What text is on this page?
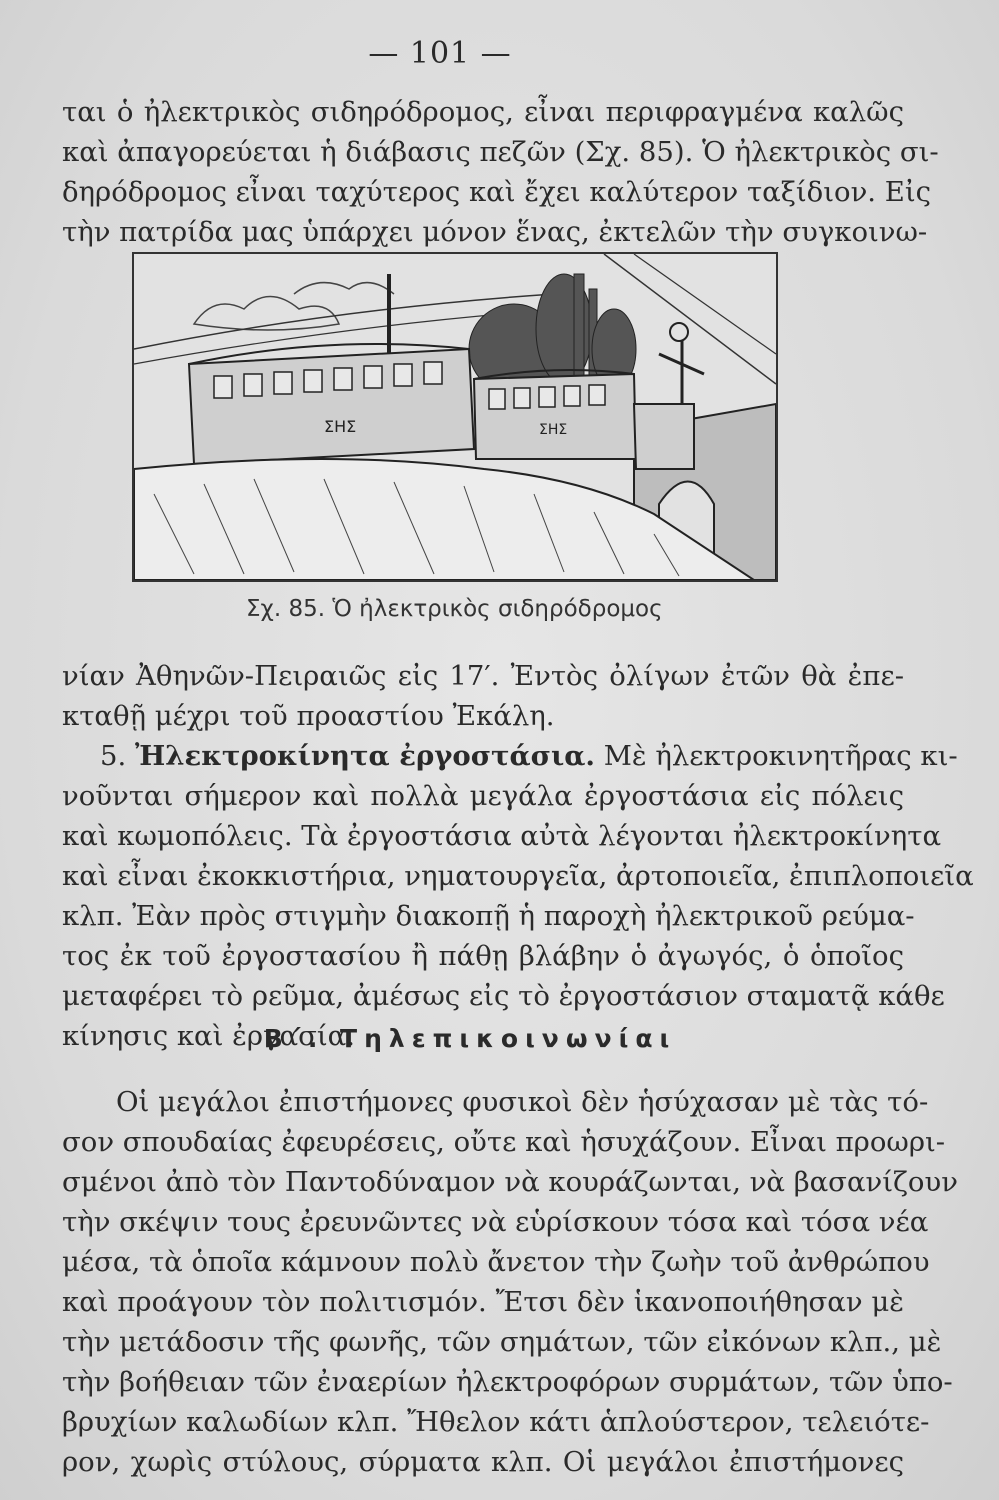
— 101 —
ται ὁ ἠλεκτρικὸς σιδηρόδρομος, εἶναι περιφραγμένα καλῶς
καὶ ἀπαγορεύεται ἡ διάβασις πεζῶν (Σχ. 85). Ὁ ἠλεκτρικὸς σι-
δηρόδρομος εἶναι ταχύτερος καὶ ἔχει καλύτερον ταξίδιον. Εἰς
τὴν πατρίδα μας ὑπάρχει μόνον ἕνας, ἐκτελῶν τὴν συγκοινω-
ΣΗΣ	ΣΗΣ
Σχ. 85. Ὁ ἠλεκτρικὸς σιδηρόδρομος
νίαν Ἀθηνῶν-Πειραιῶς εἰς 17′. Ἐντὸς ὀλίγων ἐτῶν θὰ ἐπε-
κταθῇ μέχρι τοῦ προαστίου Ἐκάλη.
5. Ἠλεκτροκίνητα ἐργοστάσια. Μὲ ἠλεκτροκινητῆρας κι-
νοῦνται σήμερον καὶ πολλὰ μεγάλα ἐργοστάσια εἰς πόλεις
καὶ κωμοπόλεις. Τὰ ἐργοστάσια αὐτὰ λέγονται ἠλεκτροκίνητα
καὶ εἶναι ἐκοκκιστήρια, νηματουργεῖα, ἀρτοποιεῖα, ἐπιπλοποιεῖα
κλπ. Ἐὰν πρὸς στιγμὴν διακοπῇ ἡ παροχὴ ἠλεκτρικοῦ ρεύμα-
τος ἐκ τοῦ ἐργοστασίου ἢ πάθῃ βλάβην ὁ ἀγωγός, ὁ ὁποῖος
μεταφέρει τὸ ρεῦμα, ἀμέσως εἰς τὸ ἐργοστάσιον σταματᾷ κάθε
κίνησις καὶ ἐργασία.
Β΄. Τηλεπικοινωνίαι
Οἱ μεγάλοι ἐπιστήμονες φυσικοὶ δὲν ἡσύχασαν μὲ τὰς τό-
σον σπουδαίας ἐφευρέσεις, οὔτε καὶ ἡσυχάζουν. Εἶναι προωρι-
σμένοι ἀπὸ τὸν Παντοδύναμον νὰ κουράζωνται, νὰ βασανίζουν
τὴν σκέψιν τους ἐρευνῶντες νὰ εὑρίσκουν τόσα καὶ τόσα νέα
μέσα, τὰ ὁποῖα κάμνουν πολὺ ἄνετον τὴν ζωὴν τοῦ ἀνθρώπου
καὶ προάγουν τὸν πολιτισμόν. Ἔτσι δὲν ἱκανοποιήθησαν μὲ
τὴν μετάδοσιν τῆς φωνῆς, τῶν σημάτων, τῶν εἰκόνων κλπ., μὲ
τὴν βοήθειαν τῶν ἐναερίων ἠλεκτροφόρων συρμάτων, τῶν ὑπο-
βρυχίων καλωδίων κλπ. Ἤθελον κάτι ἁπλούστερον, τελειότε-
ρον, χωρὶς στύλους, σύρματα κλπ. Οἱ μεγάλοι ἐπιστήμονες
